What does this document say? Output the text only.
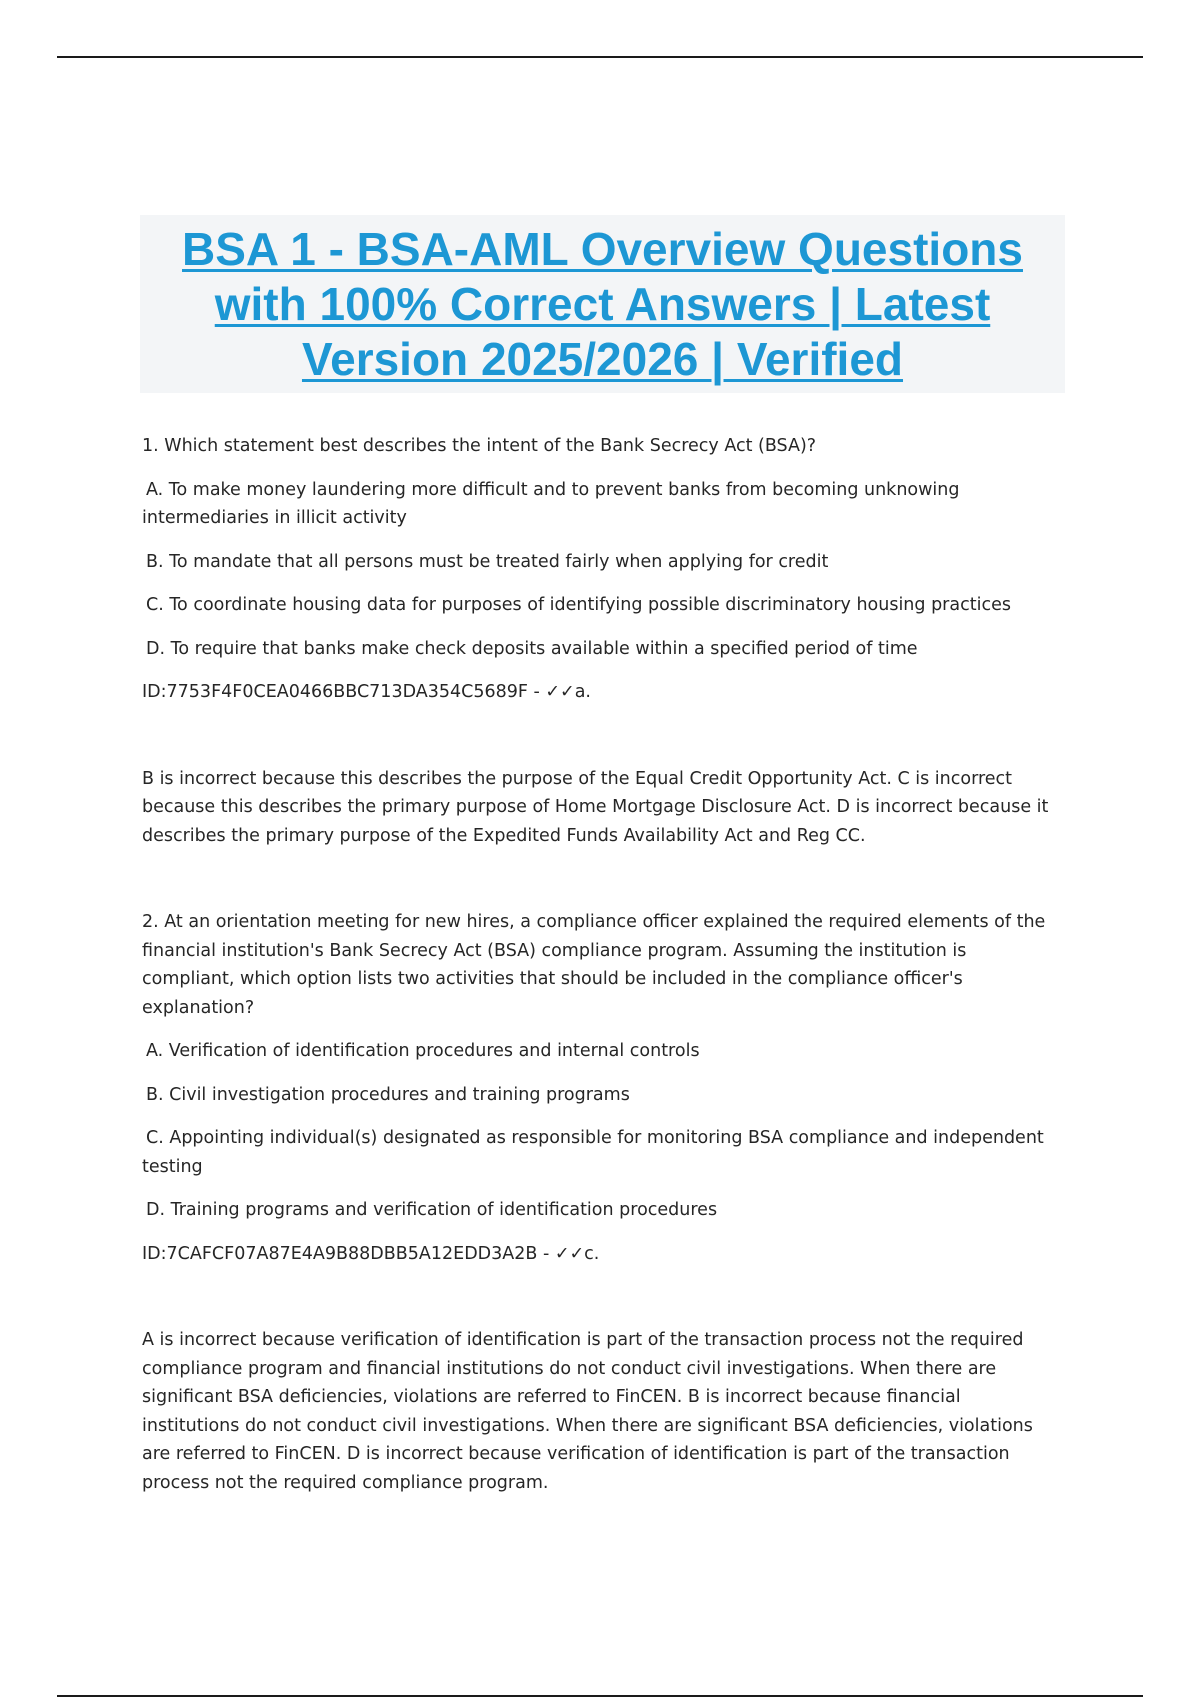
BSA 1 - BSA-AML Overview Questions with 100% Correct Answers | Latest Version 2025/2026 | Verified

1. Which statement best describes the intent of the Bank Secrecy Act (BSA)?

A. To make money laundering more difficult and to prevent banks from becoming unknowing
intermediaries in illicit activity

B. To mandate that all persons must be treated fairly when applying for credit

C. To coordinate housing data for purposes of identifying possible discriminatory housing practices

D. To require that banks make check deposits available within a specified period of time

ID:7753F4F0CEA0466BBC713DA354C5689F - ✓✓a.

B is incorrect because this describes the purpose of the Equal Credit Opportunity Act. C is incorrect because this describes the primary purpose of Home Mortgage Disclosure Act. D is incorrect because it describes the primary purpose of the Expedited Funds Availability Act and Reg CC.

2. At an orientation meeting for new hires, a compliance officer explained the required elements of the financial institution's Bank Secrecy Act (BSA) compliance program. Assuming the institution is compliant, which option lists two activities that should be included in the compliance officer's explanation?

A. Verification of identification procedures and internal controls

B. Civil investigation procedures and training programs

C. Appointing individual(s) designated as responsible for monitoring BSA compliance and independent
testing

D. Training programs and verification of identification procedures

ID:7CAFCF07A87E4A9B88DBB5A12EDD3A2B - ✓✓c.

A is incorrect because verification of identification is part of the transaction process not the required compliance program and financial institutions do not conduct civil investigations. When there are significant BSA deficiencies, violations are referred to FinCEN. B is incorrect because financial institutions do not conduct civil investigations. When there are significant BSA deficiencies, violations are referred to FinCEN. D is incorrect because verification of identification is part of the transaction process not the required compliance program.
